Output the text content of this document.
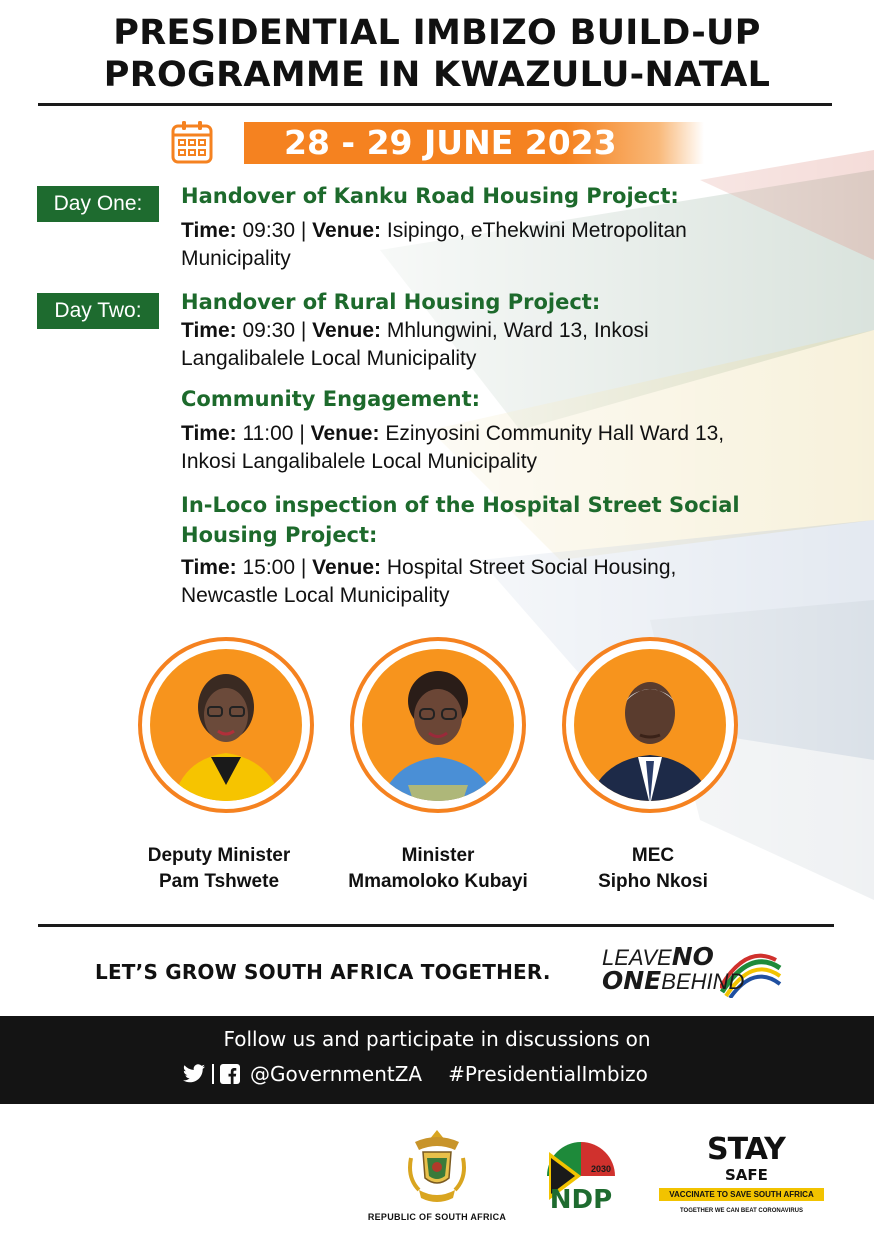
PRESIDENTIAL IMBIZO BUILD-UP
PROGRAMME IN KWAZULU-NATAL
28 - 29 JUNE 2023
Day One:	Handover of Kanku Road Housing Project:
Time: 09:30 | Venue: Isipingo, eThekwini Metropolitan
Municipality
Day Two:	Handover of Rural Housing Project:
Time: 09:30 | Venue: Mhlungwini, Ward 13, Inkosi
Langalibalele Local Municipality
Community Engagement:
Time: 11:00 | Venue: Ezinyosini Community Hall Ward 13,
Inkosi Langalibalele Local Municipality
In-Loco inspection of the Hospital Street Social
Housing Project:
Time: 15:00 | Venue: Hospital Street Social Housing,
Newcastle Local Municipality
Deputy Minister
Pam Tshwete
Minister
Mmamoloko Kubayi
MEC
Sipho Nkosi
LET’S GROW SOUTH AFRICA TOGETHER.
LEAVENO
ONEBEHIND
Follow us and participate in discussions on
@GovernmentZA #PresidentialImbizo
REPUBLIC OF SOUTH AFRICA
2030
NDP
STAY
SAFE
VACCINATE TO SAVE SOUTH AFRICA
TOGETHER WE CAN BEAT CORONAVIRUS
